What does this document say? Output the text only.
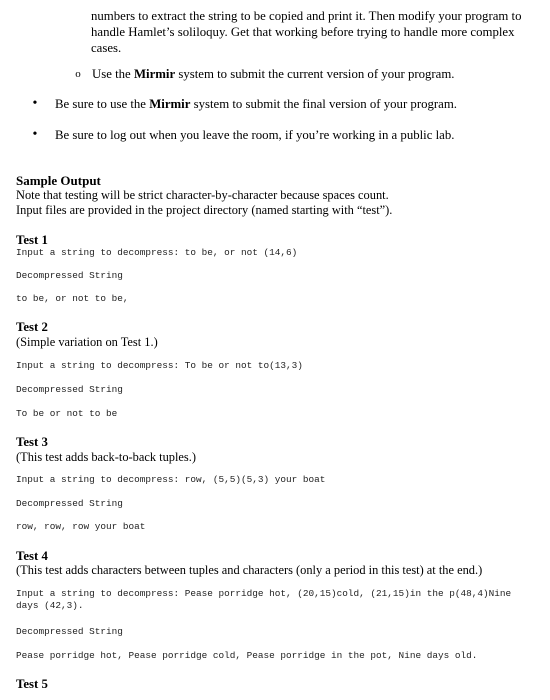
numbers to extract the string to be copied and print it. Then modify your program to handle Hamlet’s soliloquy. Get that working before trying to handle more complex cases.
o Use the Mirmir system to submit the current version of your program.
• Be sure to use the Mirmir system to submit the final version of your program.
• Be sure to log out when you leave the room, if you’re working in a public lab.
Sample Output
Note that testing will be strict character-by-character because spaces count.
Input files are provided in the project directory (named starting with “test”).
Test 1
Input a string to decompress: to be, or not (14,6)
Decompressed String
to be, or not to be,
Test 2
(Simple variation on Test 1.)
Input a string to decompress: To be or not to(13,3)
Decompressed String
To be or not to be
Test 3
(This test adds back-to-back tuples.)
Input a string to decompress: row, (5,5)(5,3) your boat
Decompressed String
row, row, row your boat
Test 4
(This test adds characters between tuples and characters (only a period in this test) at the end.)
Input a string to decompress: Pease porridge hot, (20,15)cold, (21,15)in the p(48,4)Nine days (42,3).
Decompressed String
Pease porridge hot, Pease porridge cold, Pease porridge in the pot, Nine days old.
Test 5
